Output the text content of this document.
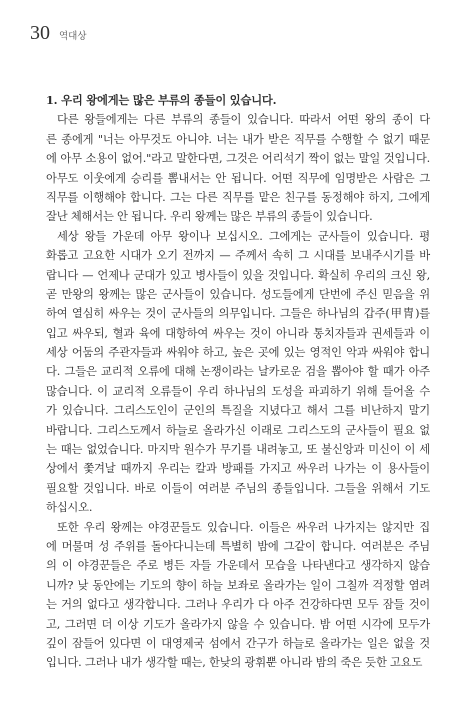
30 역대상
1. 우리 왕에게는 많은 부류의 종들이 있습니다.
다른 왕들에게는 다른 부류의 종들이 있습니다. 따라서 어떤 왕의 종이 다
른 종에게 "너는 아무것도 아니야. 너는 내가 받은 직무를 수행할 수 없기 때문
에 아무 소용이 없어."라고 말한다면, 그것은 어리석기 짝이 없는 말일 것입니다.
아무도 이웃에게 승리를 뽐내서는 안 됩니다. 어떤 직무에 임명받은 사람은 그
직무를 이행해야 합니다. 그는 다른 직무를 맡은 친구를 동정해야 하지, 그에게
잘난 체해서는 안 됩니다. 우리 왕께는 많은 부류의 종들이 있습니다.
세상 왕들 가운데 아무 왕이나 보십시오. 그에게는 군사들이 있습니다. 평
화롭고 고요한 시대가 오기 전까지 — 주께서 속히 그 시대를 보내주시기를 바
랍니다 — 언제나 군대가 있고 병사들이 있을 것입니다. 확실히 우리의 크신 왕,
곧 만왕의 왕께는 많은 군사들이 있습니다. 성도들에게 단번에 주신 믿음을 위
하여 열심히 싸우는 것이 군사들의 의무입니다. 그들은 하나님의 갑주(甲冑)를
입고 싸우되, 혈과 육에 대항하여 싸우는 것이 아니라 통치자들과 권세들과 이
세상 어둠의 주관자들과 싸워야 하고, 높은 곳에 있는 영적인 악과 싸워야 합니
다. 그들은 교리적 오류에 대해 논쟁이라는 날카로운 검을 뽑아야 할 때가 아주
많습니다. 이 교리적 오류들이 우리 하나님의 도성을 파괴하기 위해 들어올 수
가 있습니다. 그리스도인이 군인의 특질을 지녔다고 해서 그를 비난하지 말기
바랍니다. 그리스도께서 하늘로 올라가신 이래로 그리스도의 군사들이 필요 없
는 때는 없었습니다. 마지막 원수가 무기를 내려놓고, 또 불신앙과 미신이 이 세
상에서 쫓겨날 때까지 우리는 칼과 방패를 가지고 싸우러 나가는 이 용사들이
필요할 것입니다. 바로 이들이 여러분 주님의 종들입니다. 그들을 위해서 기도
하십시오.
또한 우리 왕께는 야경꾼들도 있습니다. 이들은 싸우러 나가지는 않지만 집
에 머물며 성 주위를 돌아다니는데 특별히 밤에 그같이 합니다. 여러분은 주님
의 이 야경꾼들은 주로 병든 자들 가운데서 모습을 나타낸다고 생각하지 않습
니까? 낮 동안에는 기도의 향이 하늘 보좌로 올라가는 일이 그칠까 걱정할 염려
는 거의 없다고 생각합니다. 그러나 우리가 다 아주 건강하다면 모두 잠들 것이
고, 그러면 더 이상 기도가 올라가지 않을 수 있습니다. 밤 어떤 시각에 모두가
깊이 잠들어 있다면 이 대영제국 섬에서 간구가 하늘로 올라가는 일은 없을 것
입니다. 그러나 내가 생각할 때는, 한낮의 광휘뿐 아니라 밤의 죽은 듯한 고요도
